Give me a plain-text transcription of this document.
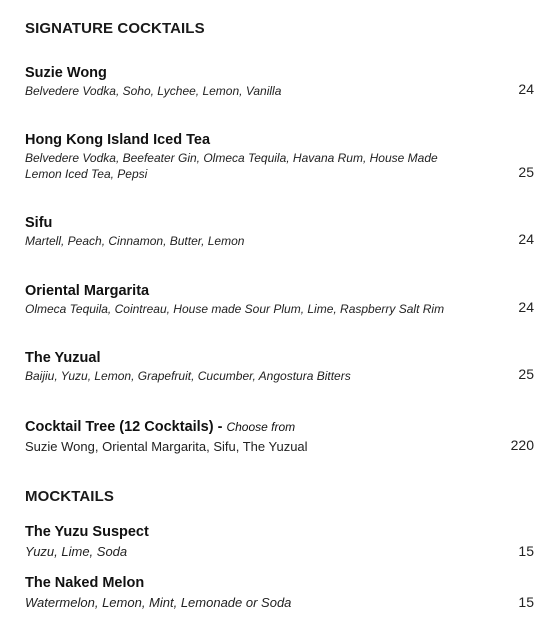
SIGNATURE COCKTAILS
Suzie Wong
Belvedere Vodka, Soho, Lychee, Lemon, Vanilla	24
Hong Kong Island Iced Tea
Belvedere Vodka, Beefeater Gin, Olmeca Tequila, Havana Rum, House Made
Lemon Iced Tea, Pepsi	25
Sifu
Martell, Peach, Cinnamon, Butter, Lemon	24
Oriental Margarita
Olmeca Tequila, Cointreau, House made Sour Plum, Lime, Raspberry Salt Rim	24
The Yuzual
Baijiu, Yuzu, Lemon, Grapefruit, Cucumber, Angostura Bitters	25
Cocktail Tree (12 Cocktails) - Choose from
Suzie Wong, Oriental Margarita, Sifu, The Yuzual	220
MOCKTAILS
The Yuzu Suspect
Yuzu, Lime, Soda	15
The Naked Melon
Watermelon, Lemon, Mint, Lemonade or Soda	15
